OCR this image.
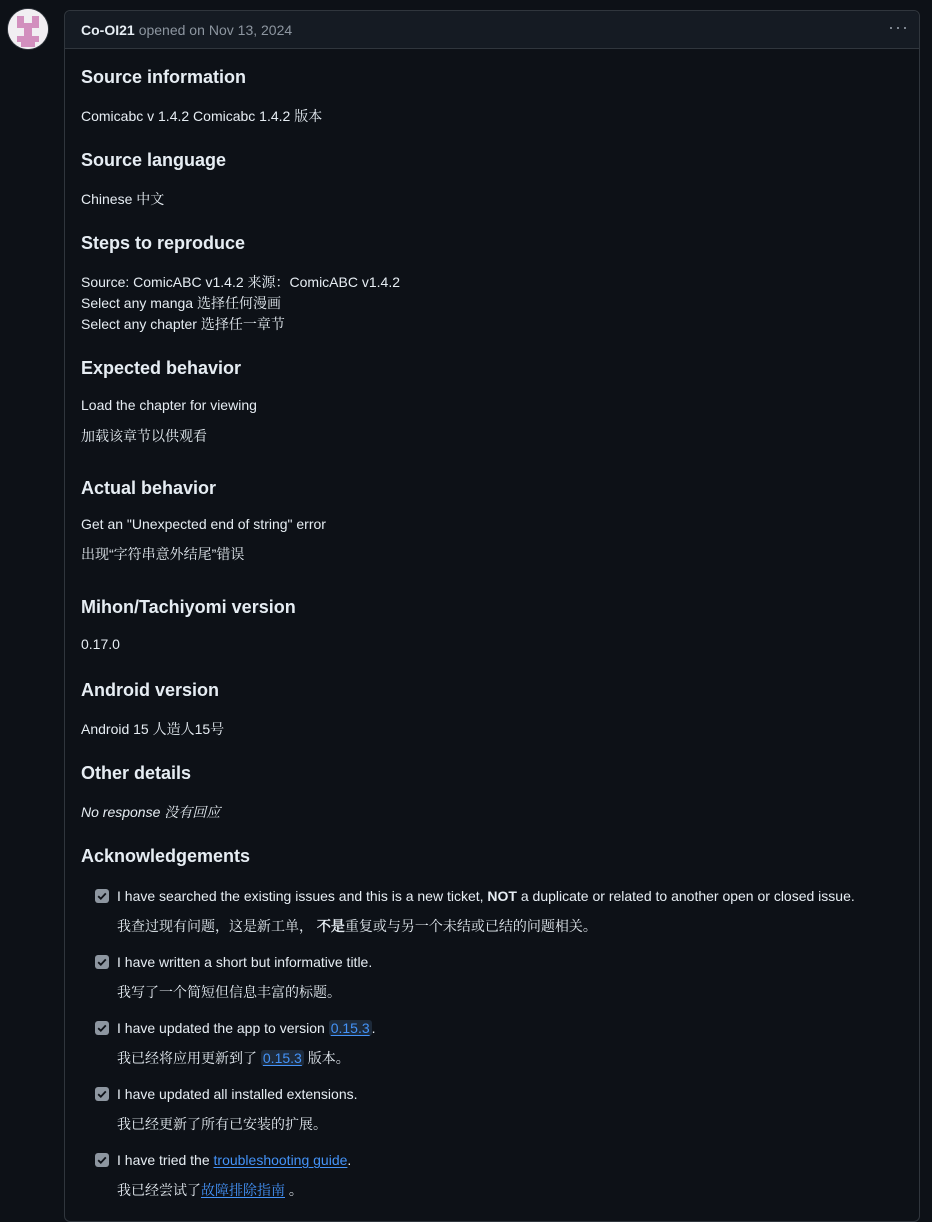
Co-OI21 opened on Nov 13, 2024	···
Source information
Comicabc v 1.4.2 Comicabc 1.4.2 版本
Source language
Chinese 中文
Steps to reproduce
Source: ComicABC v1.4.2 来源：ComicABC v1.4.2
Select any manga 选择任何漫画
Select any chapter 选择任一章节
Expected behavior
Load the chapter for viewing
加载该章节以供观看
Actual behavior
Get an "Unexpected end of string" error
出现“字符串意外结尾”错误
Mihon/Tachiyomi version
0.17.0
Android version
Android 15 人造人15号
Other details
No response 没有回应
Acknowledgements
I have searched the existing issues and this is a new ticket, NOT a duplicate or related to another open or closed issue.
我查过现有问题，这是新工单， 不是重复或与另一个未结或已结的问题相关。
I have written a short but informative title.
我写了一个简短但信息丰富的标题。
I have updated the app to version 0.15.3 .
我已经将应用更新到了 0.15.3 版本。
I have updated all installed extensions.
我已经更新了所有已安装的扩展。
I have tried the troubleshooting guide.
我已经尝试了故障排除指南 。
